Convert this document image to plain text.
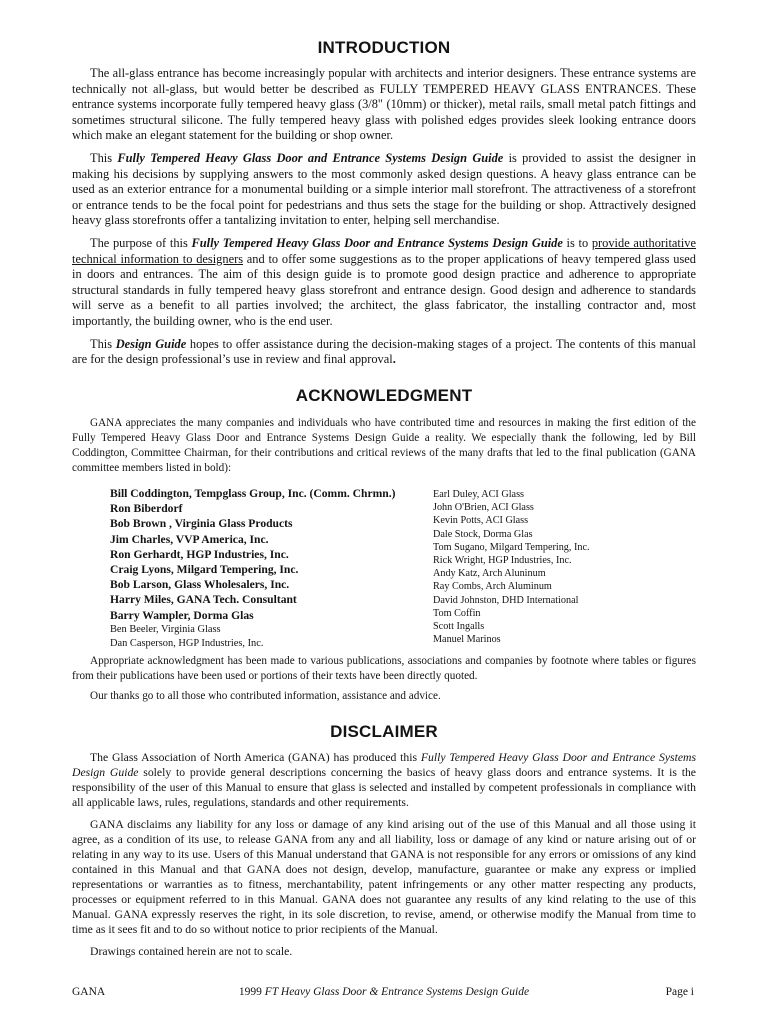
INTRODUCTION

The all-glass entrance has become increasingly popular with architects and interior designers. These entrance systems are technically not all-glass, but would better be described as FULLY TEMPERED HEAVY GLASS ENTRANCES. These entrance systems incorporate fully tempered heavy glass (3/8" (10mm) or thicker), metal rails, small metal patch fittings and sometimes structural silicone. The fully tempered heavy glass with polished edges provides sleek looking entrance doors which make an elegant statement for the building or shop owner.

This Fully Tempered Heavy Glass Door and Entrance Systems Design Guide is provided to assist the designer in making his decisions by supplying answers to the most commonly asked design questions. A heavy glass entrance can be used as an exterior entrance for a monumental building or a simple interior mall storefront. The attractiveness of a storefront or entrance tends to be the focal point for pedestrians and thus sets the stage for the building or shop. Attractively designed heavy glass storefronts offer a tantalizing invitation to enter, helping sell merchandise.

The purpose of this Fully Tempered Heavy Glass Door and Entrance Systems Design Guide is to provide authoritative technical information to designers and to offer some suggestions as to the proper applications of heavy tempered glass used in doors and entrances. The aim of this design guide is to promote good design practice and adherence to appropriate structural standards in fully tempered heavy glass storefront and entrance design. Good design and adherence to standards will serve as a benefit to all parties involved; the architect, the glass fabricator, the installing contractor and, most importantly, the building owner, who is the end user.

This Design Guide hopes to offer assistance during the decision-making stages of a project. The contents of this manual are for the design professional’s use in review and final approval.

ACKNOWLEDGMENT

GANA appreciates the many companies and individuals who have contributed time and resources in making the first edition of the Fully Tempered Heavy Glass Door and Entrance Systems Design Guide a reality. We especially thank the following, led by Bill Coddington, Committee Chairman, for their contributions and critical reviews of the many drafts that led to the final publication (GANA committee members listed in bold):

Bill Coddington, Tempglass Group, Inc. (Comm. Chrmn.)
Ron Biberdorf
Bob Brown , Virginia Glass Products
Jim Charles, VVP America, Inc.
Ron Gerhardt, HGP Industries, Inc.
Craig Lyons, Milgard Tempering, Inc.
Bob Larson, Glass Wholesalers, Inc.
Harry Miles, GANA Tech. Consultant
Barry Wampler, Dorma Glas
Ben Beeler, Virginia Glass
Dan Casperson, HGP Industries, Inc.
Earl Duley, ACI Glass
John O'Brien, ACI Glass
Kevin Potts, ACI Glass
Dale Stock, Dorma Glas
Tom Sugano, Milgard Tempering, Inc.
Rick Wright, HGP Industries, Inc.
Andy Katz, Arch Aluninum
Ray Combs, Arch Aluminum
David Johnston, DHD International
Tom Coffin
Scott Ingalls
Manuel Marinos

Appropriate acknowledgment has been made to various publications, associations and companies by footnote where tables or figures from their publications have been used or portions of their texts have been directly quoted.

Our thanks go to all those who contributed information, assistance and advice.

DISCLAIMER

The Glass Association of North America (GANA) has produced this Fully Tempered Heavy Glass Door and Entrance Systems Design Guide solely to provide general descriptions concerning the basics of heavy glass doors and entrance systems. It is the responsibility of the user of this Manual to ensure that glass is selected and installed by competent professionals in compliance with all applicable laws, rules, regulations, standards and other requirements.

GANA disclaims any liability for any loss or damage of any kind arising out of the use of this Manual and all those using it agree, as a condition of its use, to release GANA from any and all liability, loss or damage of any kind or nature arising out of or relating in any way to its use. Users of this Manual understand that GANA is not responsible for any errors or omissions of any kind contained in this Manual and that GANA does not design, develop, manufacture, guarantee or make any express or implied representations or warranties as to fitness, merchantability, patent infringements or any other matter respecting any products, processes or equipment referred to in this Manual. GANA does not guarantee any results of any kind relating to the use of this Manual. GANA expressly reserves the right, in its sole discretion, to revise, amend, or otherwise modify the Manual from time to time as it sees fit and to do so without notice to prior recipients of the Manual.

Drawings contained herein are not to scale.

GANA	1999 FT Heavy Glass Door & Entrance Systems Design Guide	Page i
